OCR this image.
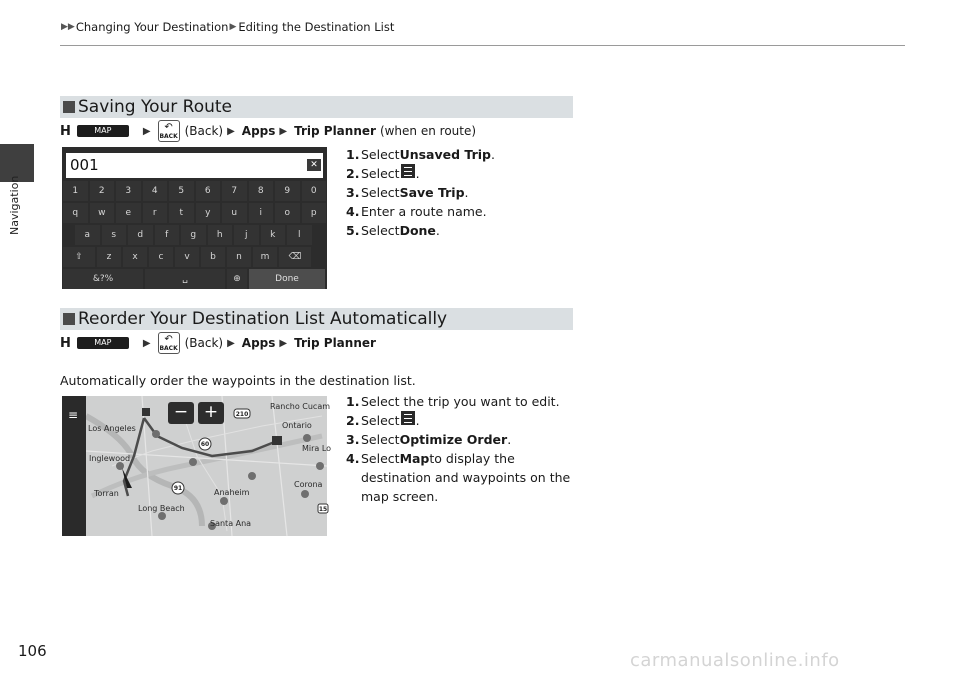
Navigation
▶▶ Changing Your Destination ▶ Editing the Destination List
Saving Your Route
H	MAP	▶ ↶
BACK (Back) ▶ Apps ▶ Trip Planner (when en route)
001	✕
1	2	3	4	5	6	7	8	9	0
q	w	e	r	t	y	u	i	o	p
a	s	d	f	g	h	j	k	l
⇧	z	x	c	v	b	n	m	⌫
&?%	␣	⊕	Done
1. Select Unsaved Trip .
2. Select .
3. Select Save Trip .
4. Enter a route name.
5. Select Done .
Reorder Your Destination List Automatically
H	MAP	▶ ↶
BACK (Back) ▶ Apps ▶ Trip Planner
Automatically order the waypoints in the destination list.
210
60
91
15
≡	− +
Los Angeles
Rancho Cucam
Ontario
Mira Lo
Inglewood
Torran	Anaheim
Corona
Long Beach
Santa Ana
1. Select the trip you want to edit.
2. Select .
3. Select Optimize Order .
4. Select Map to display the
destination and waypoints on the
map screen.
106	carmanualsonline.info
